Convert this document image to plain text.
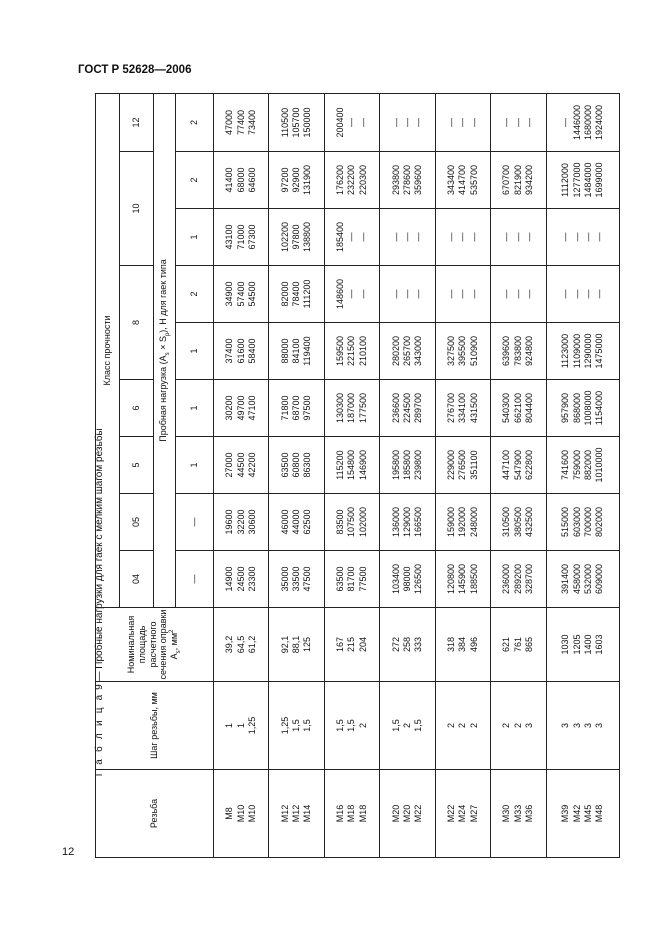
ГОСТ Р 52628—2006
Т а б л и ц а 9 — Пробные нагрузки для гаек с мелким шагом резьбы
Резьба	Шаг резьбы, мм	Номинальная площадь расчетного сечения оправки $A_s$, $мм^2$	Класс прочности								
			04	05	5	6	8		10		12
			Пробная нагрузка $(A_s \times S_p)$, Н для гаек типа								
			—	—	1	1	1	2	1	2	2

M8 M10 M10	1 1 1,25	39,2 64,5 61,2	14900 24500 23300	19600 32200 30600	27000 44500 42200	30200 49700 47100	37400 61600 58400	34900 57400 54500	43100 71000 67300	41400 68000 64600	47000 77400 73400

M12 M12 M14	1,25 1,5 1,5	92,1 88,1 125	35000 33500 47500	46000 44000 62500	63500 60800 86300	71800 68700 97500	88000 84100 119400	82000 78400 111200	102200 97800 138800	97200 92900 131900	110500 105700 150000

M16 M18 M18	1,5 1,5 2	167 215 204	63500 81700 77500	83500 107500 102000	115200 154800 146900	130300 187000 177500	159500 221500 210100	148600 — —	185400 — —	176200 232200 220300	200400 — —

M20 M20 M22	1,5 2 1,5	272 258 333	103400 98000 126500	136000 129000 166500	195800 185800 239800	236600 224500 289700	280200 265700 343000	— — —	— — —	293800 278600 359600	— — —

M22 M24 M27	2 2 2	318 384 496	120800 145900 188500	159000 192000 248000	229000 276500 351100	276700 334100 431500	327500 395500 510900	— — —	— — —	343400 414700 535700	— — —

M30 M33 M36	2 2 3	621 761 865	236000 289200 328700	310500 380500 432500	447100 547900 622800	540300 662100 804400	639600 783800 924800	— — —	— — —	670700 821900 934200	— — —

M39 M42 M45 M48	3 3 3 3	1030 1205 1400 1603	391400 458000 532000 609000	515000 603000 700000 802000	741600 759000 882000 1010000	957900 868000 1008000 1154000	1123000 1109000 1290000 1475000	— — — —	— — — —	1112000 1277000 1484000 1699000	— 1446000 1680000 1924000
12
